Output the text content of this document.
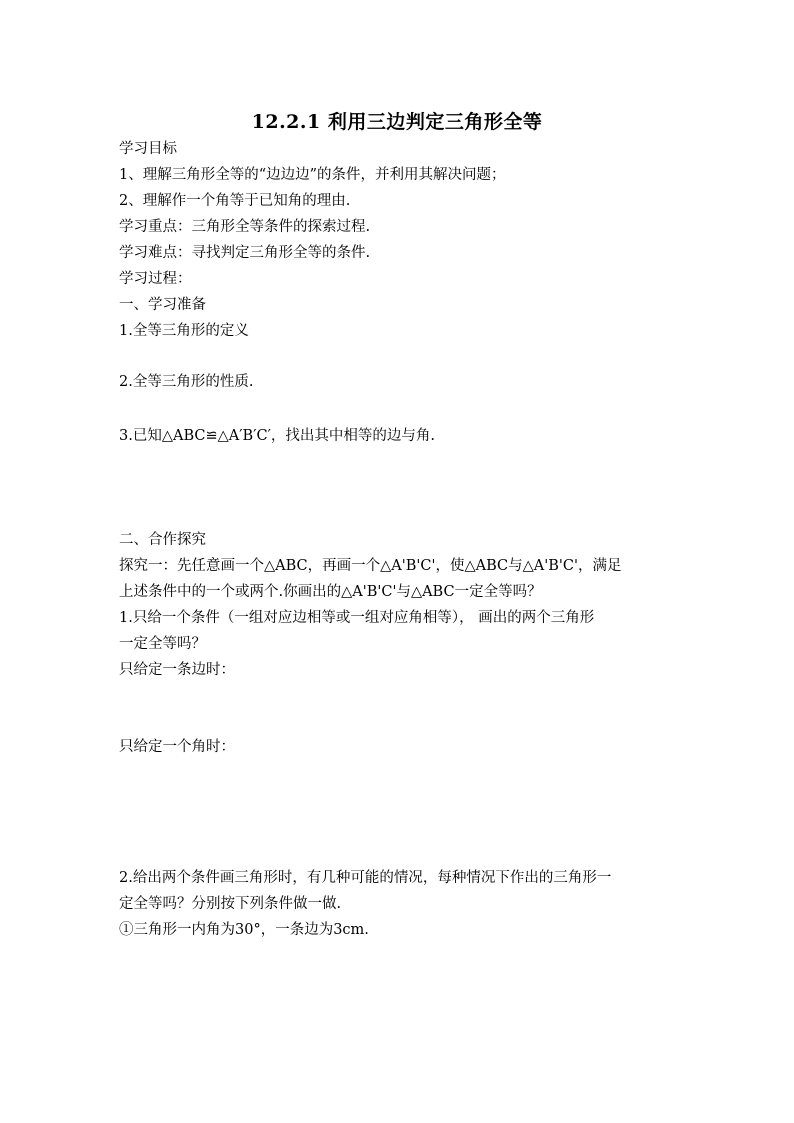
12.2.1 利用三边判定三角形全等
学习目标
1、理解三角形全等的“边边边”的条件，并利用其解决问题；
2、理解作一个角等于已知角的理由.
学习重点：三角形全等条件的探索过程.
学习难点：寻找判定三角形全等的条件.
学习过程：
一、学习准备
1.全等三角形的定义
2.全等三角形的性质.
3.已知△ABC≌△A′B′C′，找出其中相等的边与角.
二、合作探究
探究一：先任意画一个△ABC，再画一个△A'B'C'，使△ABC与△A'B'C'，满足
上述条件中的一个或两个.你画出的△A'B'C'与△ABC一定全等吗？
1.只给一个条件（一组对应边相等或一组对应角相等）， 画出的两个三角形
一定全等吗？
只给定一条边时：
只给定一个角时：
2.给出两个条件画三角形时，有几种可能的情况，每种情况下作出的三角形一
定全等吗？分别按下列条件做一做.
①三角形一内角为30°，一条边为3cm.
